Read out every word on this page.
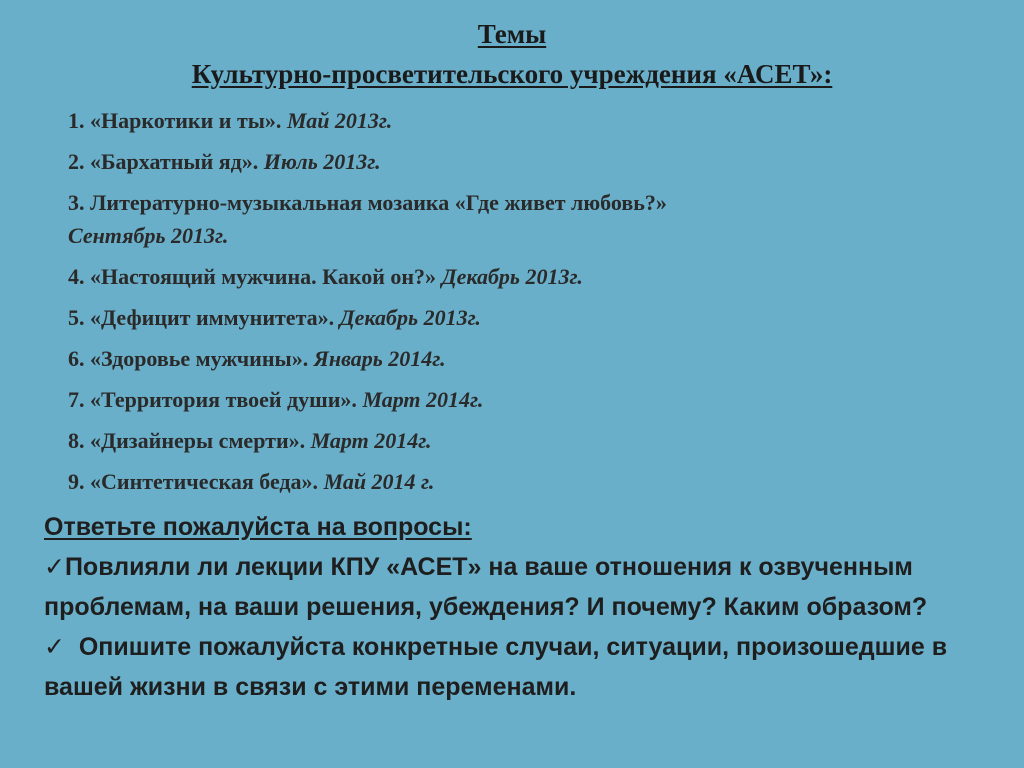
Темы
Культурно-просветительского учреждения «АСЕТ»:
1. «Наркотики и ты». Май 2013г.
2. «Бархатный яд». Июль 2013г.
3. Литературно-музыкальная мозаика «Где живет любовь?»
Сентябрь 2013г.
4. «Настоящий мужчина. Какой он?» Декабрь 2013г.
5. «Дефицит иммунитета». Декабрь 2013г.
6. «Здоровье мужчины». Январь 2014г.
7. «Территория твоей души». Март 2014г.
8. «Дизайнеры смерти». Март 2014г.
9. «Синтетическая беда». Май 2014 г.
Ответьте пожалуйста на вопросы:
✓Повлияли ли лекции КПУ «АСЕТ» на ваше отношения к озвученным проблемам, на ваши решения, убеждения? И почему? Каким образом?
✓ Опишите пожалуйста конкретные случаи, ситуации, произошедшие в вашей жизни в связи с этими переменами.
